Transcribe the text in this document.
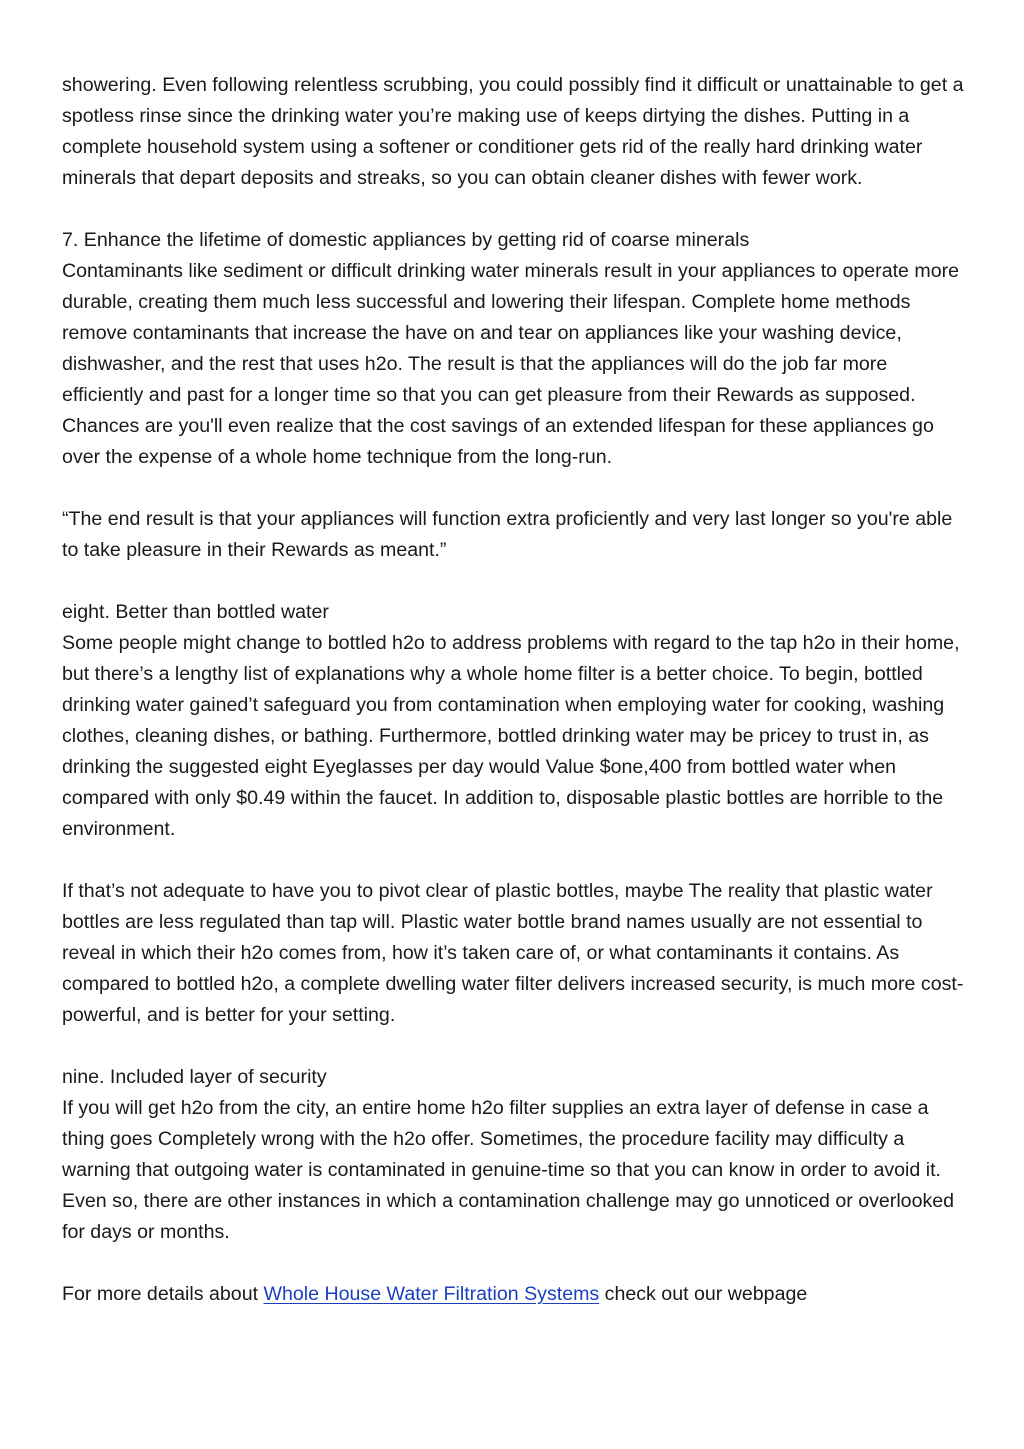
showering. Even following relentless scrubbing, you could possibly find it difficult or unattainable to get a spotless rinse since the drinking water you’re making use of keeps dirtying the dishes. Putting in a complete household system using a softener or conditioner gets rid of the really hard drinking water minerals that depart deposits and streaks, so you can obtain cleaner dishes with fewer work.

7. Enhance the lifetime of domestic appliances by getting rid of coarse minerals
Contaminants like sediment or difficult drinking water minerals result in your appliances to operate more durable, creating them much less successful and lowering their lifespan. Complete home methods remove contaminants that increase the have on and tear on appliances like your washing device, dishwasher, and the rest that uses h2o. The result is that the appliances will do the job far more efficiently and past for a longer time so that you can get pleasure from their Rewards as supposed. Chances are you'll even realize that the cost savings of an extended lifespan for these appliances go over the expense of a whole home technique from the long-run.

“The end result is that your appliances will function extra proficiently and very last longer so you're able to take pleasure in their Rewards as meant.”

eight. Better than bottled water
Some people might change to bottled h2o to address problems with regard to the tap h2o in their home, but there’s a lengthy list of explanations why a whole home filter is a better choice. To begin, bottled drinking water gained’t safeguard you from contamination when employing water for cooking, washing clothes, cleaning dishes, or bathing. Furthermore, bottled drinking water may be pricey to trust in, as drinking the suggested eight Eyeglasses per day would Value $one,400 from bottled water when compared with only $0.49 within the faucet. In addition to, disposable plastic bottles are horrible to the environment.

If that’s not adequate to have you to pivot clear of plastic bottles, maybe The reality that plastic water bottles are less regulated than tap will. Plastic water bottle brand names usually are not essential to reveal in which their h2o comes from, how it’s taken care of, or what contaminants it contains. As compared to bottled h2o, a complete dwelling water filter delivers increased security, is much more cost-powerful, and is better for your setting.

nine. Included layer of security
If you will get h2o from the city, an entire home h2o filter supplies an extra layer of defense in case a thing goes Completely wrong with the h2o offer. Sometimes, the procedure facility may difficulty a warning that outgoing water is contaminated in genuine-time so that you can know in order to avoid it. Even so, there are other instances in which a contamination challenge may go unnoticed or overlooked for days or months.

For more details about Whole House Water Filtration Systems check out our webpage
